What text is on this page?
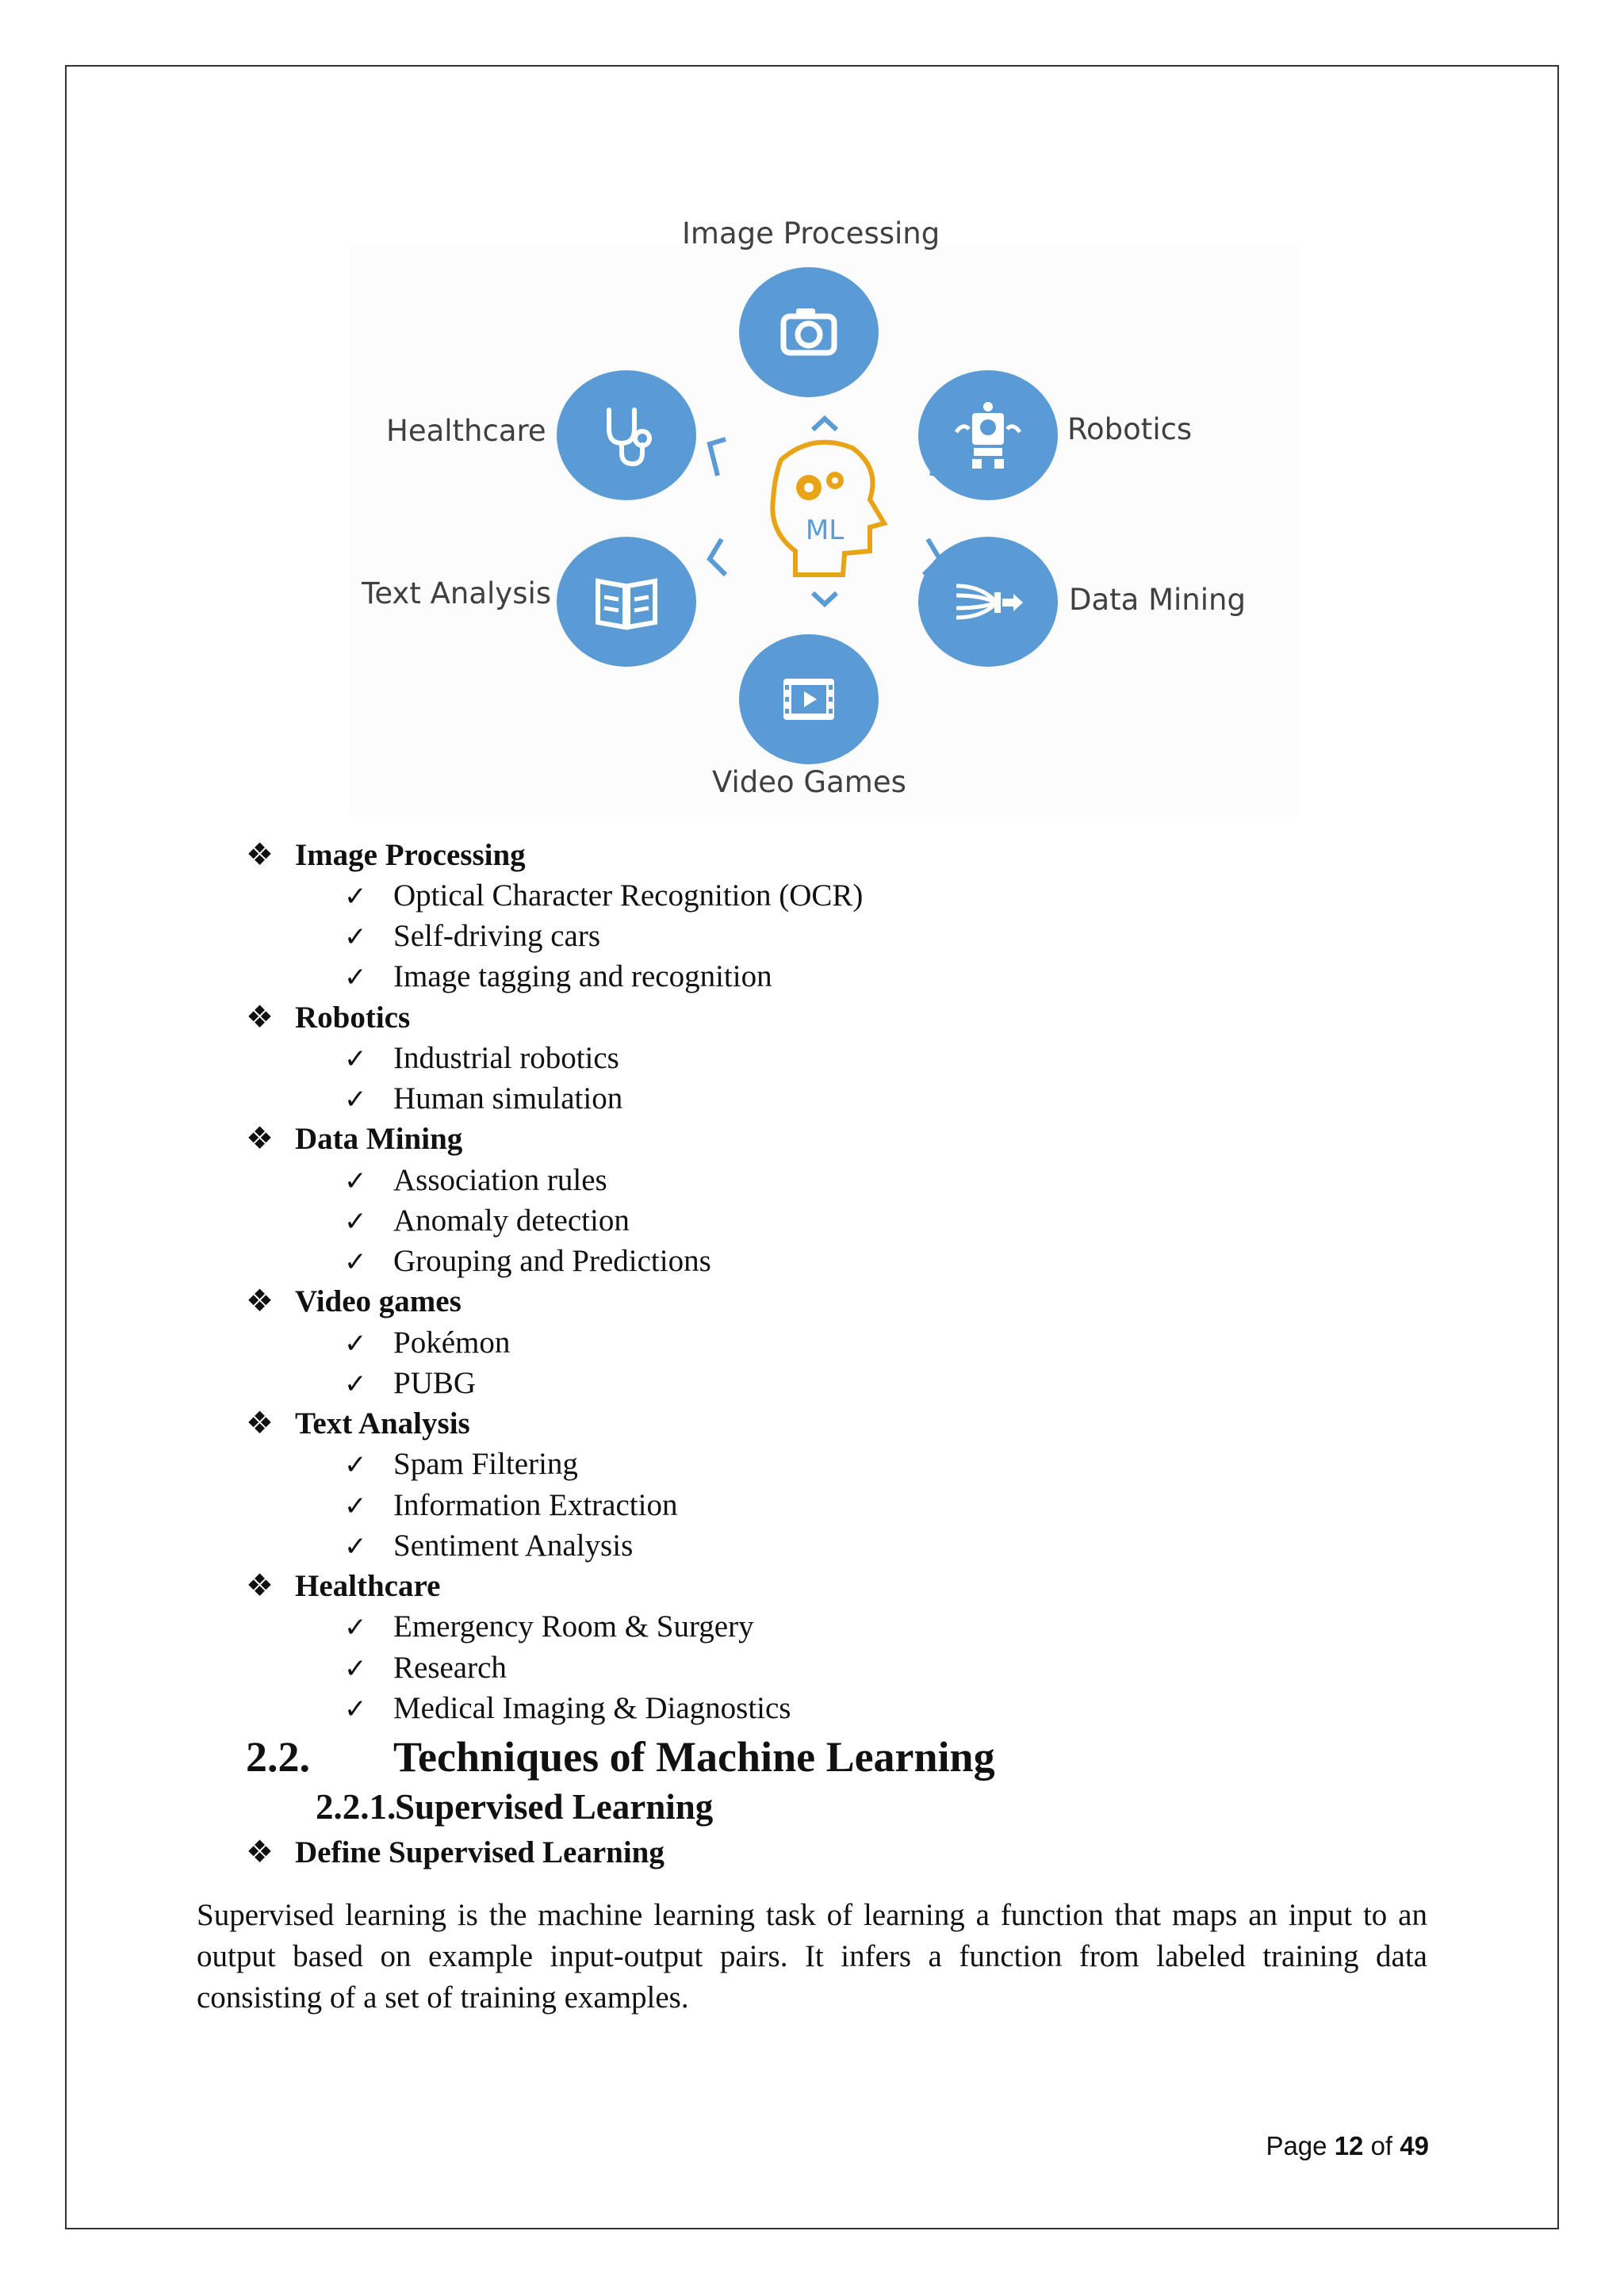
Image Processing
Healthcare	Robotics
ML
Text Analysis	Data Mining
Video Games
❖ Image Processing
✓ Optical Character Recognition (OCR)
✓ Self-driving cars
✓ Image tagging and recognition
❖ Robotics
✓ Industrial robotics
✓ Human simulation
❖ Data Mining
✓ Association rules
✓ Anomaly detection
✓ Grouping and Predictions
❖ Video games
✓ Pokémon
✓ PUBG
❖ Text Analysis
✓ Spam Filtering
✓ Information Extraction
✓ Sentiment Analysis
❖ Healthcare
✓ Emergency Room & Surgery
✓ Research
✓ Medical Imaging & Diagnostics
2.2. Techniques of Machine Learning
2.2.1.Supervised Learning
❖ Define Supervised Learning
Supervised learning is the machine learning task of learning a function that maps an input to an output based on example input-output pairs. It infers a function from labeled training data consisting of a set of training examples.
Page 12 of 49
